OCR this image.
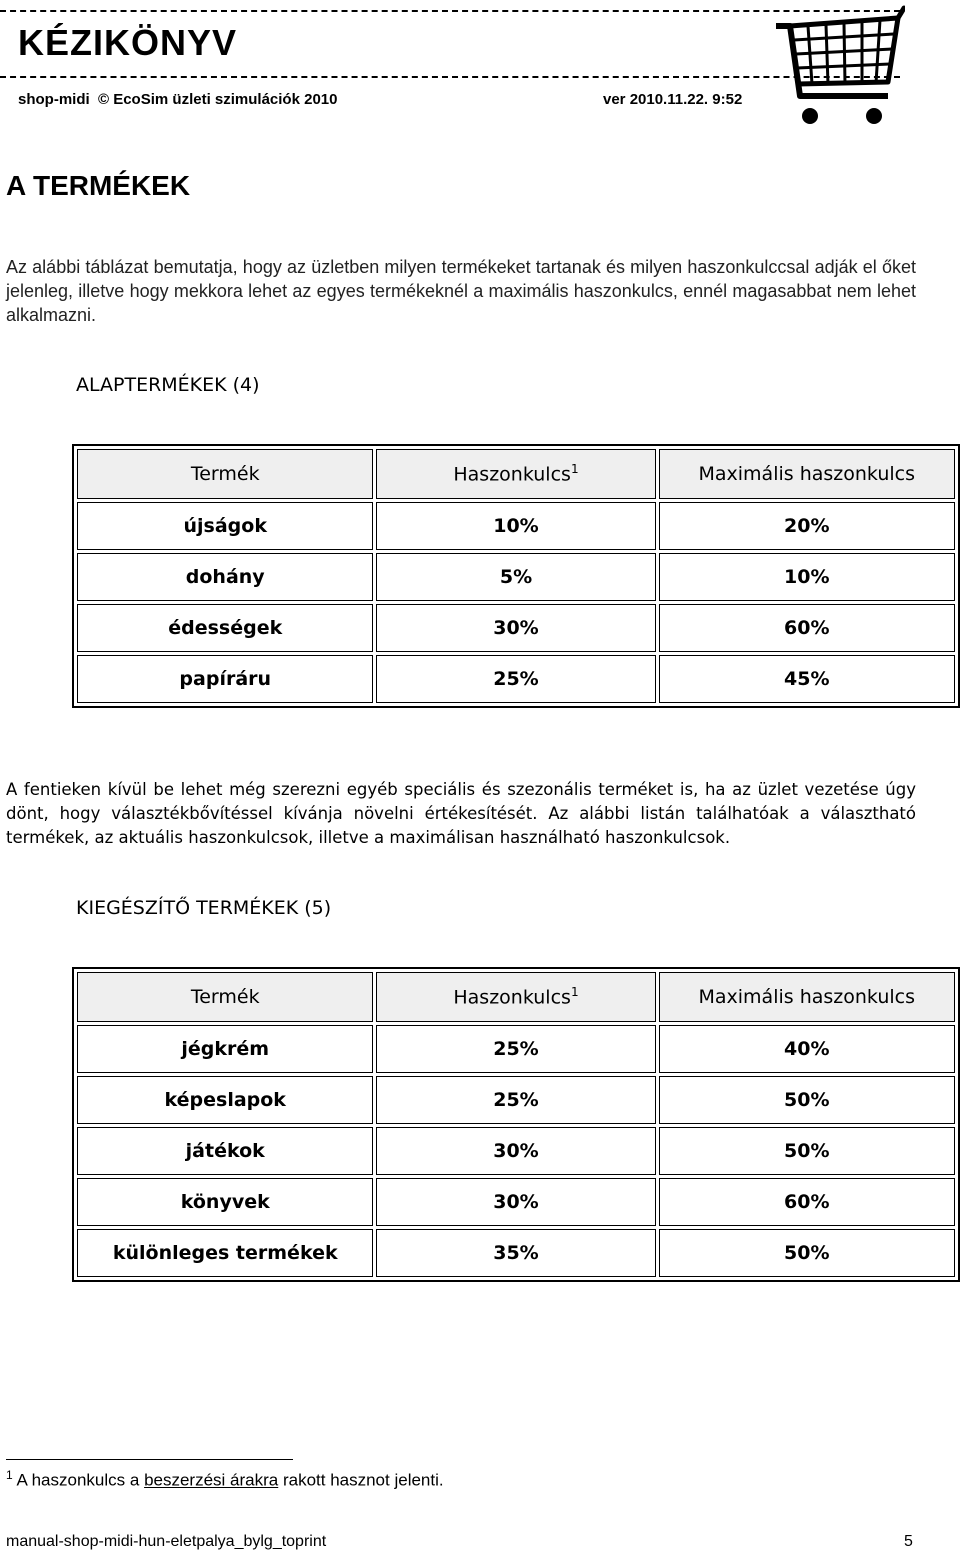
KÉZIKÖNYV
shop-midi  © EcoSim üzleti szimulációk 2010	ver 2010.11.22. 9:52
A TERMÉKEK

Az alábbi táblázat bemutatja, hogy az üzletben milyen termékeket tartanak és milyen haszonkulccsal adják el őket jelenleg, illetve hogy mekkora lehet az egyes termékeknél a maximális haszonkulcs, ennél magasabbat nem lehet alkalmazni.

ALAPTERMÉKEK (4)
Termék	Haszonkulcs$^1$	Maximális haszonkulcs
újságok	10%	20%
dohány	5%	10%
édességek	30%	60%
papíráru	25%	45%

A fentieken kívül be lehet még szerezni egyéb speciális és szezonális terméket is, ha az üzlet vezetése úgy dönt, hogy választékbővítéssel kívánja növelni értékesítését. Az alábbi listán találhatóak a választható termékek, az aktuális haszonkulcsok, illetve a maximálisan használható haszonkulcsok.

KIEGÉSZÍTŐ TERMÉKEK (5)
Termék	Haszonkulcs$^1$	Maximális haszonkulcs
jégkrém	25%	40%
képeslapok	25%	50%
játékok	30%	50%
könyvek	30%	60%
különleges termékek	35%	50%
$^1$ A haszonkulcs a beszerzési árakra rakott hasznot jelenti.
manual-shop-midi-hun-eletpalya_bylg_toprint	5
